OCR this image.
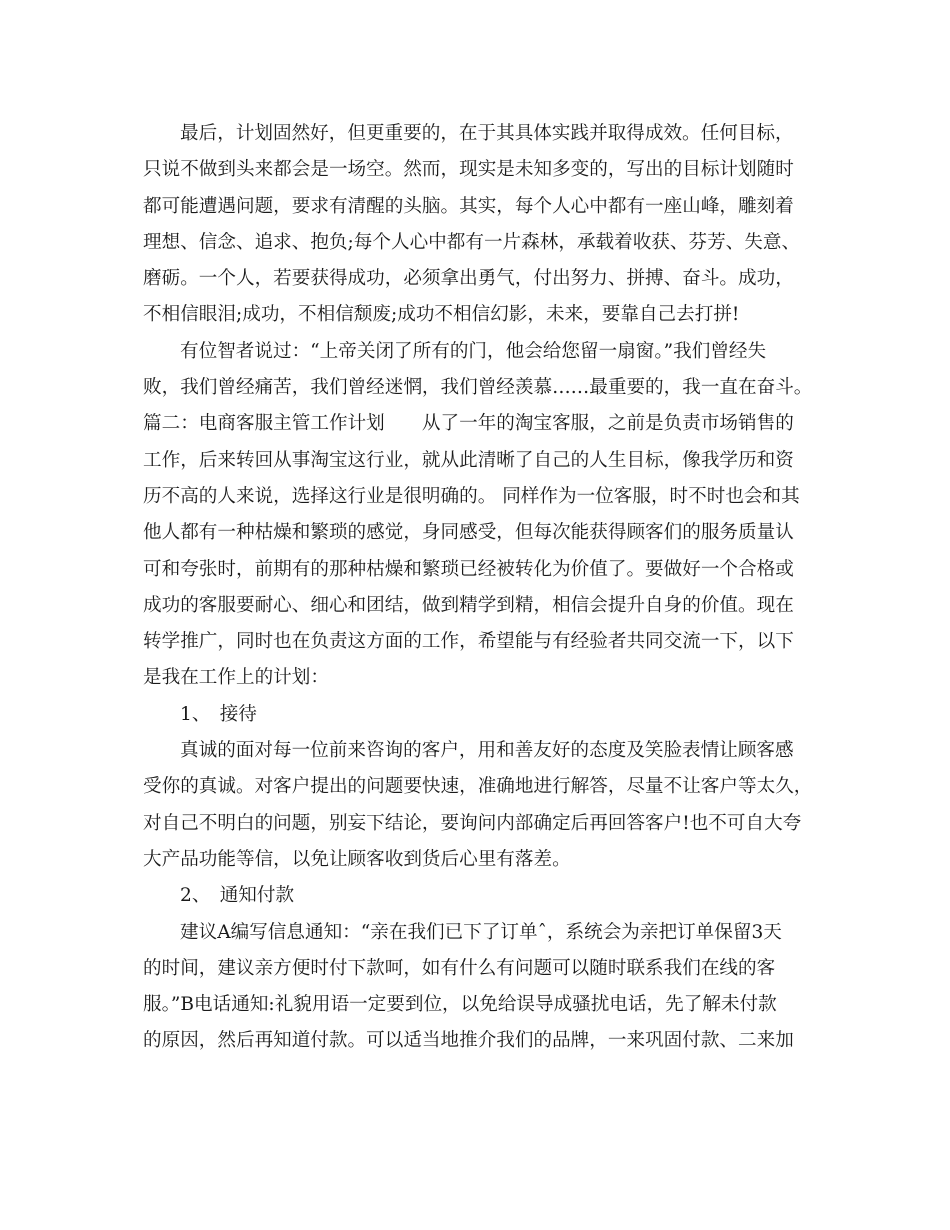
最后，计划固然好，但更重要的，在于其具体实践并取得成效。任何目标，
只说不做到头来都会是一场空。然而，现实是未知多变的，写出的目标计划随时
都可能遭遇问题，要求有清醒的头脑。其实，每个人心中都有一座山峰，雕刻着
理想、信念、追求、抱负;每个人心中都有一片森林，承载着收获、芬芳、失意、
磨砺。一个人，若要获得成功，必须拿出勇气，付出努力、拼搏、奋斗。成功，
不相信眼泪;成功，不相信颓废;成功不相信幻影，未来，要靠自己去打拼!
有位智者说过：“上帝关闭了所有的门，他会给您留一扇窗。”我们曾经失
败，我们曾经痛苦，我们曾经迷惘，我们曾经羡慕……最重要的，我一直在奋斗。
篇二：电商客服主管工作计划　　从了一年的淘宝客服，之前是负责市场销售的
工作，后来转回从事淘宝这行业，就从此清晰了自己的人生目标，像我学历和资
历不高的人来说，选择这行业是很明确的。 同样作为一位客服，时不时也会和其
他人都有一种枯燥和繁琐的感觉，身同感受，但每次能获得顾客们的服务质量认
可和夸张时，前期有的那种枯燥和繁琐已经被转化为价值了。要做好一个合格或
成功的客服要耐心、细心和团结，做到精学到精，相信会提升自身的价值。现在
转学推广，同时也在负责这方面的工作，希望能与有经验者共同交流一下，以下
是我在工作上的计划：
1、　接待
真诚的面对每一位前来咨询的客户，用和善友好的态度及笑脸表情让顾客感
受你的真诚。对客户提出的问题要快速，准确地进行解答，尽量不让客户等太久，
对自己不明白的问题，别妄下结论，要询问内部确定后再回答客户!也不可自大夸
大产品功能等信，以免让顾客收到货后心里有落差。
2、　通知付款
建议A编写信息通知：“亲在我们已下了订单ˆ，系统会为亲把订单保留3天
的时间，建议亲方便时付下款呵，如有什么有问题可以随时联系我们在线的客
服。”B电话通知:礼貌用语一定要到位，以免给误导成骚扰电话，先了解未付款
的原因，然后再知道付款。可以适当地推介我们的品牌，一来巩固付款、二来加
